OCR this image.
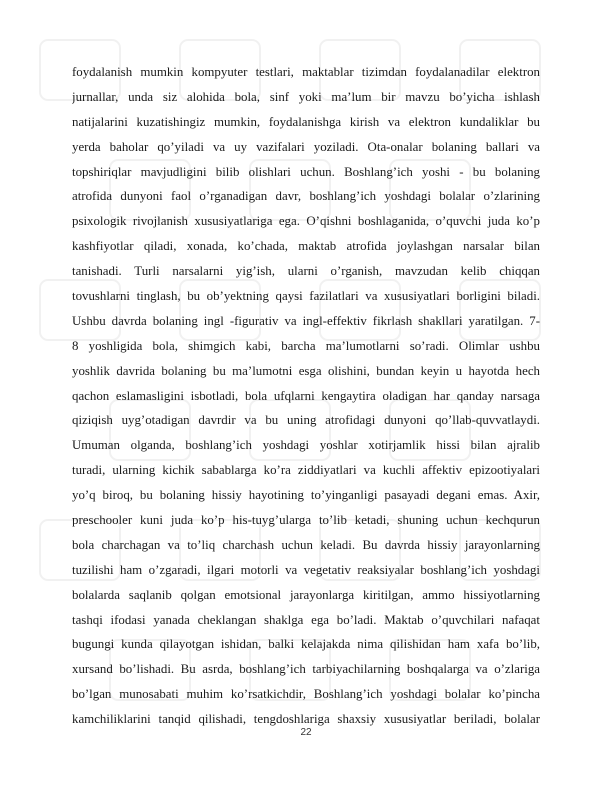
foydalanish mumkin kompyuter testlari, maktablar tizimdan foydalanadilar elektron
jurnallar, unda siz alohida bola, sinf yoki ma’lum bir mavzu bo’yicha ishlash
natijalarini kuzatishingiz mumkin, foydalanishga kirish va elektron kundaliklar bu
yerda baholar qo’yiladi va uy vazifalari yoziladi. Ota-onalar bolaning ballari va
topshiriqlar mavjudligini bilib olishlari uchun. Boshlang’ich yoshi - bu bolaning
atrofida dunyoni faol o’rganadigan davr, boshlang’ich yoshdagi bolalar o’zlarining
psixologik rivojlanish xususiyatlariga ega. O’qishni boshlaganida, o’quvchi juda ko’p
kashfiyotlar qiladi, xonada, ko’chada, maktab atrofida joylashgan narsalar bilan
tanishadi. Turli narsalarni yig’ish, ularni o’rganish, mavzudan kelib chiqqan
tovushlarni tinglash, bu ob’yektning qaysi fazilatlari va xususiyatlari borligini biladi.
Ushbu davrda bolaning ingl -figurativ va ingl-effektiv fikrlash shakllari yaratilgan. 7-
8 yoshligida bola, shimgich kabi, barcha ma’lumotlarni so’radi. Olimlar ushbu
yoshlik davrida bolaning bu ma’lumotni esga olishini, bundan keyin u hayotda hech
qachon eslamasligini isbotladi, bola ufqlarni kengaytira oladigan har qanday narsaga
qiziqish uyg’otadigan davrdir va bu uning atrofidagi dunyoni qo’llab-quvvatlaydi.
Umuman olganda, boshlang’ich yoshdagi yoshlar xotirjamlik hissi bilan ajralib
turadi, ularning kichik sabablarga ko’ra ziddiyatlari va kuchli affektiv epizootiyalari
yo’q biroq, bu bolaning hissiy hayotining to’yinganligi pasayadi degani emas. Axir,
preschooler kuni juda ko’p his-tuyg’ularga to’lib ketadi, shuning uchun kechqurun
bola charchagan va to’liq charchash uchun keladi. Bu davrda hissiy jarayonlarning
tuzilishi ham o’zgaradi, ilgari motorli va vegetativ reaksiyalar boshlang’ich yoshdagi
bolalarda saqlanib qolgan emotsional jarayonlarga kiritilgan, ammo hissiyotlarning
tashqi ifodasi yanada cheklangan shaklga ega bo’ladi. Maktab o’quvchilari nafaqat
bugungi kunda qilayotgan ishidan, balki kelajakda nima qilishidan ham xafa bo’lib,
xursand bo’lishadi. Bu asrda, boshlang’ich tarbiyachilarning boshqalarga va o’zlariga
bo’lgan munosabati muhim ko’rsatkichdir, Boshlang’ich yoshdagi bolalar ko’pincha
kamchiliklarini tanqid qilishadi, tengdoshlariga shaxsiy xususiyatlar beriladi, bolalar
22
